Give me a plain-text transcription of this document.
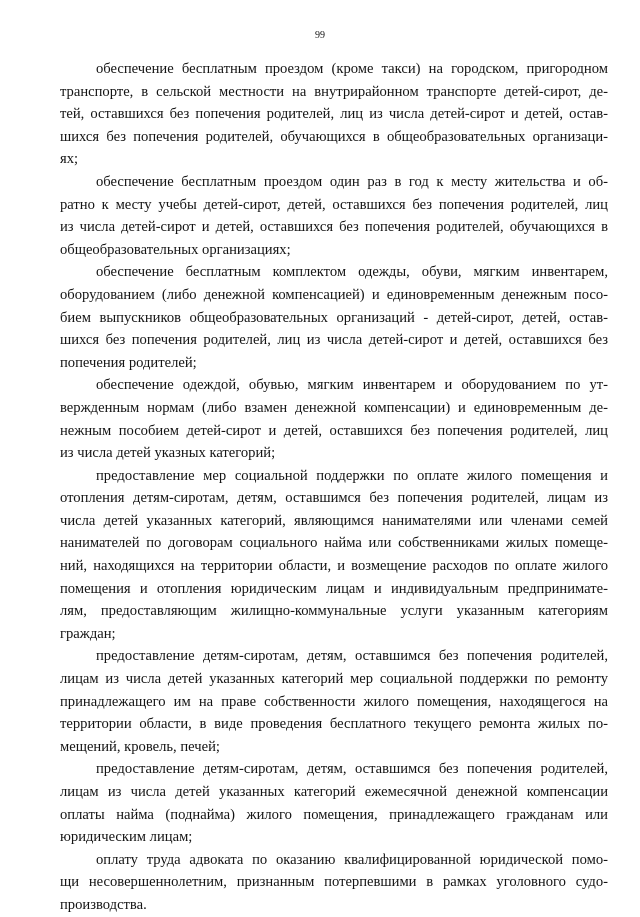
99

обеспечение бесплатным проездом (кроме такси) на городском, пригородном
транспорте, в сельской местности на внутрирайонном транспорте детей-сирот, де-
тей, оставшихся без попечения родителей, лиц из числа детей-сирот и детей, остав-
шихся без попечения родителей, обучающихся в общеобразовательных организаци-
ях;

обеспечение бесплатным проездом один раз в год к месту жительства и об-
ратно к месту учебы детей-сирот, детей, оставшихся без попечения родителей, лиц
из числа детей-сирот и детей, оставшихся без попечения родителей, обучающихся в
общеобразовательных организациях;

обеспечение бесплатным комплектом одежды, обуви, мягким инвентарем,
оборудованием (либо денежной компенсацией) и единовременным денежным посо-
бием выпускников общеобразовательных организаций - детей-сирот, детей, остав-
шихся без попечения родителей, лиц из числа детей-сирот и детей, оставшихся без
попечения родителей;

обеспечение одеждой, обувью, мягким инвентарем и оборудованием по ут-
вержденным нормам (либо взамен денежной компенсации) и единовременным де-
нежным пособием детей-сирот и детей, оставшихся без попечения родителей, лиц
из числа детей указных категорий;

предоставление мер социальной поддержки по оплате жилого помещения и
отопления детям-сиротам, детям, оставшимся без попечения родителей, лицам из
числа детей указанных категорий, являющимся нанимателями или членами семей
нанимателей по договорам социального найма или собственниками жилых помеще-
ний, находящихся на территории области, и возмещение расходов по оплате жилого
помещения и отопления юридическим лицам и индивидуальным предпринимате-
лям, предоставляющим жилищно-коммунальные услуги указанным категориям
граждан;

предоставление детям-сиротам, детям, оставшимся без попечения родителей,
лицам из числа детей указанных категорий мер социальной поддержки по ремонту
принадлежащего им на праве собственности жилого помещения, находящегося на
территории области, в виде проведения бесплатного текущего ремонта жилых по-
мещений, кровель, печей;

предоставление детям-сиротам, детям, оставшимся без попечения родителей,
лицам из числа детей указанных категорий ежемесячной денежной компенсации
оплаты найма (поднайма) жилого помещения, принадлежащего гражданам или
юридическим лицам;

оплату труда адвоката по оказанию квалифицированной юридической помо-
щи несовершеннолетним, признанным потерпевшими в рамках уголовного судо-
производства.
